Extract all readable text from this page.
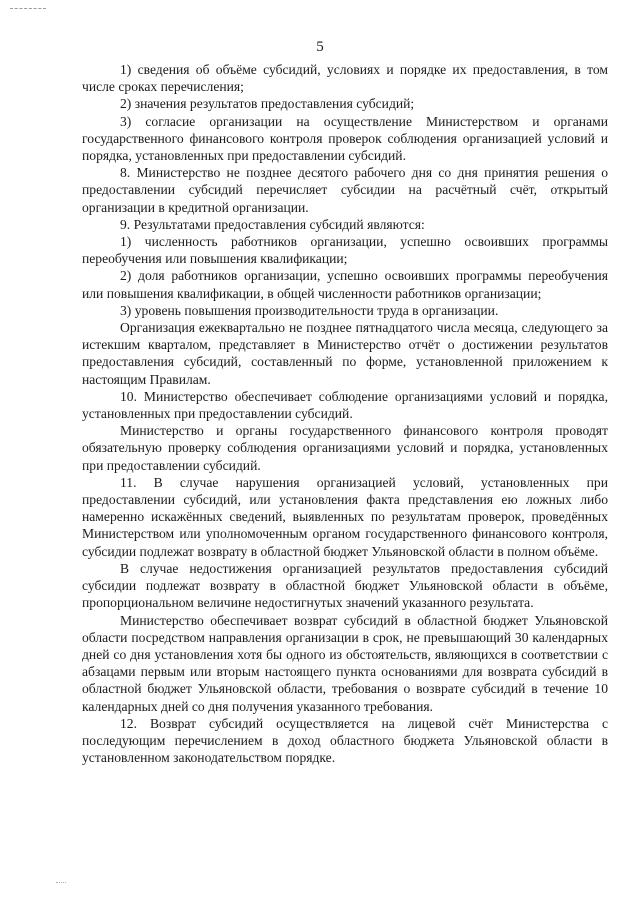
5

1) сведения об объёме субсидий, условиях и порядке их предоставления, в том числе сроках перечисления;

2) значения результатов предоставления субсидий;

3) согласие организации на осуществление Министерством и органами государственного финансового контроля проверок соблюдения организацией условий и порядка, установленных при предоставлении субсидий.

8. Министерство не позднее десятого рабочего дня со дня принятия решения о предоставлении субсидий перечисляет субсидии на расчётный счёт, открытый организации в кредитной организации.

9. Результатами предоставления субсидий являются:

1) численность работников организации, успешно освоивших программы переобучения или повышения квалификации;

2) доля работников организации, успешно освоивших программы переобучения или повышения квалификации, в общей численности работников организации;

3) уровень повышения производительности труда в организации.

Организация ежеквартально не позднее пятнадцатого числа месяца, следующего за истекшим кварталом, представляет в Министерство отчёт о достижении результатов предоставления субсидий, составленный по форме, установленной приложением к настоящим Правилам.

10. Министерство обеспечивает соблюдение организациями условий и порядка, установленных при предоставлении субсидий.

Министерство и органы государственного финансового контроля проводят обязательную проверку соблюдения организациями условий и порядка, установленных при предоставлении субсидий.

11. В случае нарушения организацией условий, установленных при предоставлении субсидий, или установления факта представления ею ложных либо намеренно искажённых сведений, выявленных по результатам проверок, проведённых Министерством или уполномоченным органом государственного финансового контроля, субсидии подлежат возврату в областной бюджет Ульяновской области в полном объёме.

В случае недостижения организацией результатов предоставления субсидий субсидии подлежат возврату в областной бюджет Ульяновской области в объёме, пропорциональном величине недостигнутых значений указанного результата.

Министерство обеспечивает возврат субсидий в областной бюджет Ульяновской области посредством направления организации в срок, не превышающий 30 календарных дней со дня установления хотя бы одного из обстоятельств, являющихся в соответствии с абзацами первым или вторым настоящего пункта основаниями для возврата субсидий в областной бюджет Ульяновской области, требования о возврате субсидий в течение 10 календарных дней со дня получения указанного требования.

12. Возврат субсидий осуществляется на лицевой счёт Министерства с последующим перечислением в доход областного бюджета Ульяновской области в установленном законодательством порядке.
